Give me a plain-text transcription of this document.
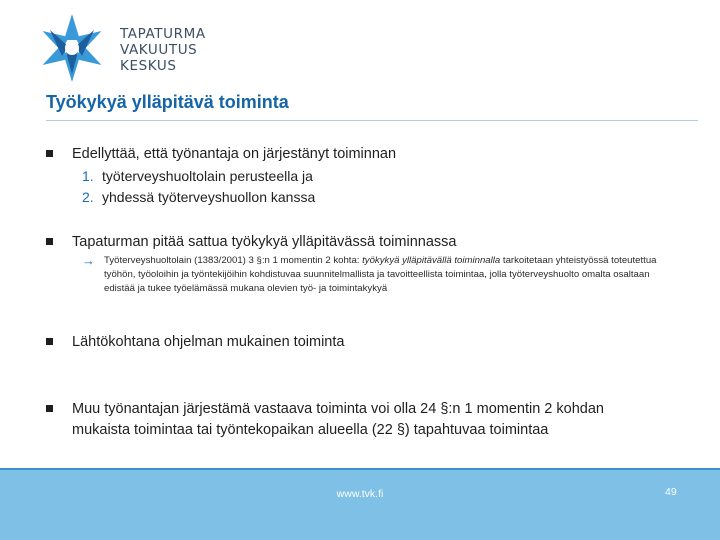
TAPATURMA
VAKUUTUS
KESKUS
Työkykyä ylläpitävä toiminta
Edellyttää, että työnantaja on järjestänyt toiminnan
1. työterveyshuoltolain perusteella ja
2. yhdessä työterveyshuollon kanssa
Tapaturman pitää sattua työkykyä ylläpitävässä toiminnassa
→ Työterveyshuoltolain (1383/2001) 3 §:n 1 momentin 2 kohta: työkykyä ylläpitävällä toiminnalla tarkoitetaan yhteistyössä toteutettua työhön, työoloihin ja työntekijöihin kohdistuvaa suunnitelmallista ja tavoitteellista toimintaa, jolla työterveyshuolto omalta osaltaan edistää ja tukee työelämässä mukana olevien työ- ja toimintakykyä
Lähtökohtana ohjelman mukainen toiminta
Muu työnantajan järjestämä vastaava toiminta voi olla 24 §:n 1 momentin 2 kohdan
mukaista toimintaa tai työntekopaikan alueella (22 §) tapahtuvaa toimintaa
www.tvk.fi	49
